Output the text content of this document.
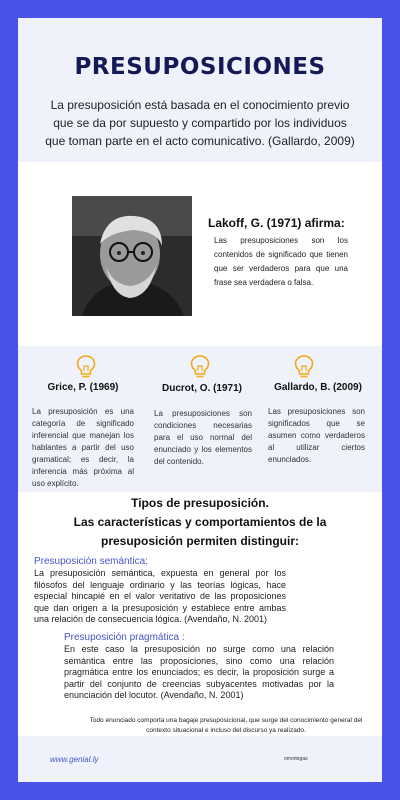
PRESUPOSICIONES
La presuposición está basada en el conocimiento previo que se da por supuesto y compartido por los individuos que toman parte en el acto comunicativo. (Gallardo, 2009)
Lakoff, G. (1971) afirma:
Las presuposiciones son los contenidos de significado que tienen que ser verdaderos para que una frase sea verdadera o falsa.
Grice, P. (1969)	Ducrot, O. (1971)	Gallardo, B. (2009)
La presuposición es una categoría de significado inferencial que manejan los hablantes a partir del uso gramatical; es decir, la inferencia más próxima al uso explícito.
La presuposiciones son condiciones necesarias para el uso normal del enunciado y los elementos del contenido.
Las presuposiciones son significados que se asumen como verdaderos al utilizar ciertos enunciados.
Tipos de presuposición.
Las características y comportamientos de la presuposición permiten distinguir:
Presuposición semántica:
La presuposición semántica, expuesta en general por los filósofos del lenguaje ordinario y las teorías lógicas, hace especial hincapié en el valor veritativo de las proposiciones que dan origen a la presuposición y establece entre ambas una relación de consecuencia lógica. (Avendaño, N. 2001)
Presuposición pragmática :
En este caso la presuposición no surge como una relación semántica entre las proposiciones, sino como una relación pragmática entre los enunciados; es decir, la proposición surge a partir del conjunto de creencias subyacentes motivadas por la enunciación del locutor. (Avendaño, N. 2001)
Todo enunciado comporta una bagaje presuposicional, que surge del conocimiento general del contexto situacional e incluso del discurso ya realizado.
www.genial.ly	omortegas
